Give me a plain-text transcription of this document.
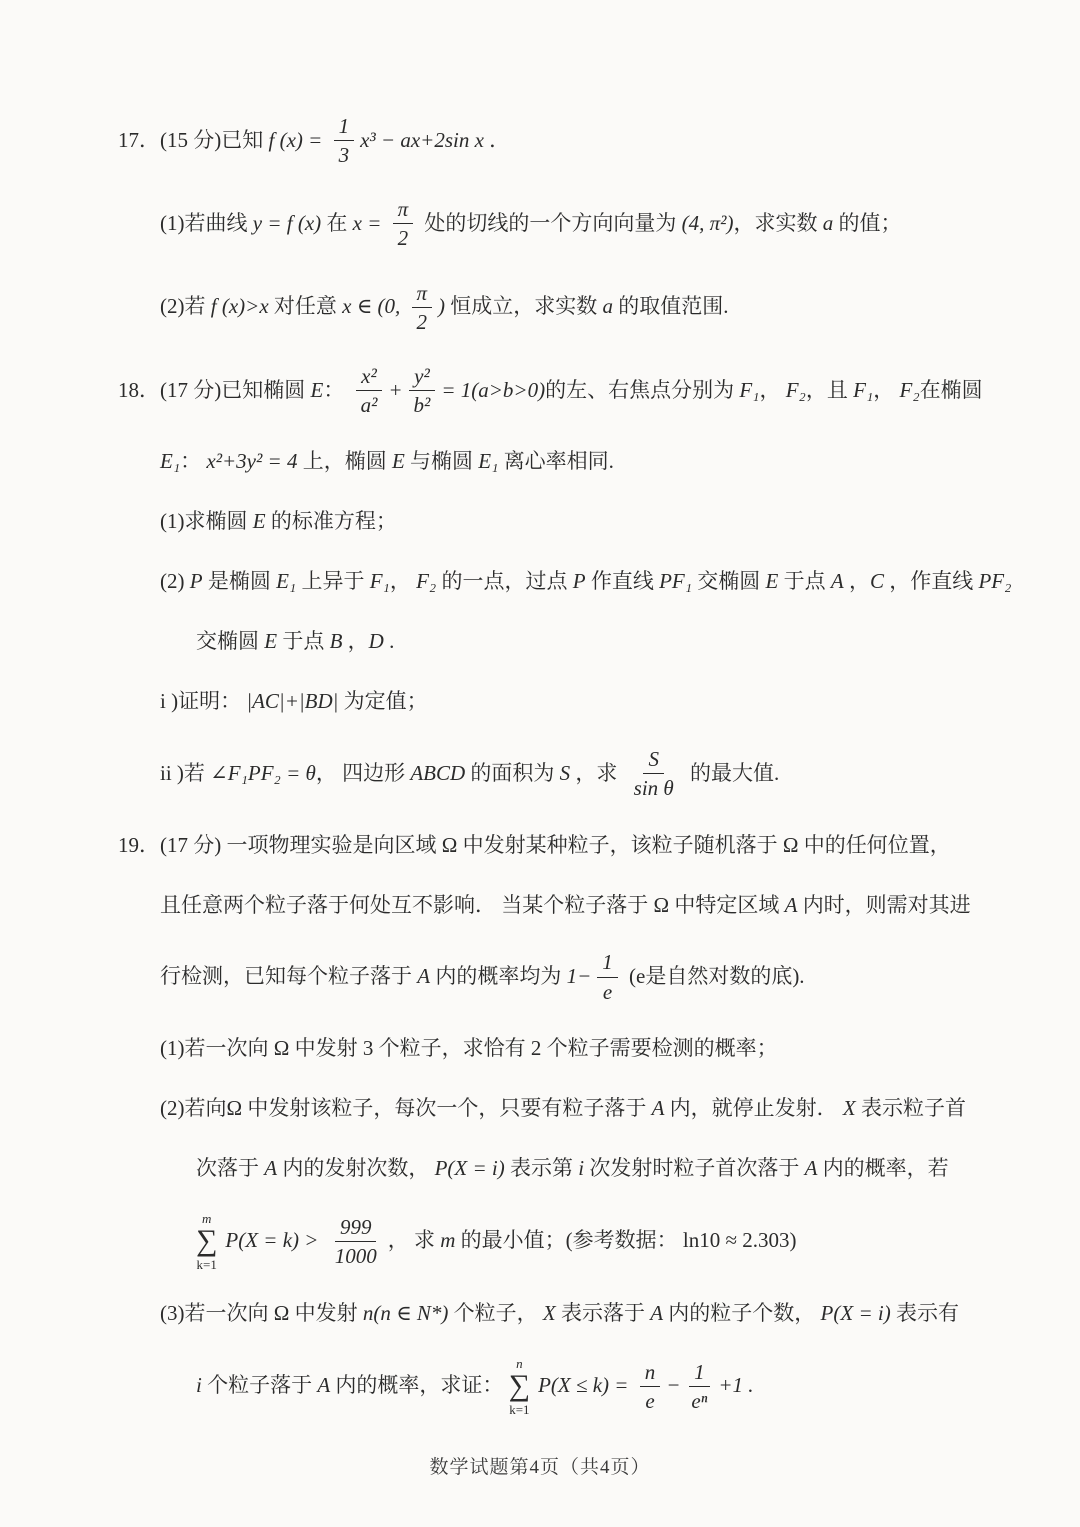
17．(15 分)已知 f $(x) = \frac{1}{3} x^3 - ax+2\sin$ x ．
(1)若曲线 y = f (x) 在 $x = \frac{\pi}{2}$ 处的切线的一个方向向量为 (4, π²) ，求实数 a 的值；
(2)若 f (x)>x 对任意 x ∈ (0, $\frac{\pi}{2}$ ) 恒成立，求实数 a 的取值范围.
18．(17 分)已知椭圆 E ： $\frac{\text{x²}}{\text{a²}} + \frac{\text{y²}}{\text{b²}} = 1(a>b>0)$ 的左、右焦点分别为 F₁ ， F₂ ，且 F₁ ， F₂ 在椭圆
E₁ ： x²+3y² = 4 上，椭圆 E 与椭圆 E₁ 离心率相同.
(1)求椭圆 E 的标准方程；
(2) P 是椭圆 E₁ 上异于 F₁ ， F₂ 的一点，过点 P 作直线 PF₁ 交椭圆 E 于点 A ， C ，作直线 PF₂
交椭圆 E 于点 B ， D .
i )证明： |AC|+|BD| 为定值；
ii )若 ∠F₁PF₂ = θ ， 四边形 ABCD 的面积为 S ，求 $\frac{S}{\text{sin θ}}$ 的最大值.
19．(17 分) 一项物理实验是向区域 Ω 中发射某种粒子，该粒子随机落于 Ω 中的任何位置，
且任意两个粒子落于何处互不影响． 当某个粒子落于 Ω 中特定区域 A 内时，则需对其进
行检测，已知每个粒子落于 A 内的概率均为 $1- \frac{1}{e} (e$是自然对数的底).
(1)若一次向 Ω 中发射 3 个粒子，求恰有 2 个粒子需要检测的概率；
(2)若向Ω 中发射该粒子，每次一个，只要有粒子落于 A 内，就停止发射． X 表示粒子首
次落于 A 内的发射次数， P(X = i) 表示第 i 次发射时粒子首次落于 A 内的概率，若
m
∑
k=1
$P(X = k) > \frac{999}{1000}$ ， 求 m 的最小值；(参考数据： ln10 ≈ 2.303)
(3)若一次向 Ω 中发射 n(n ∈ N*) 个粒子， X 表示落于 A 内的粒子个数， P(X = i) 表示有
i 个粒子落于 A 内的概率，求证：
n
∑
k=1
$P(X \le k) = \frac{n}{e} - \frac{1}{\text{eⁿ}} +1$ .
数学试题第4页（共4页）
